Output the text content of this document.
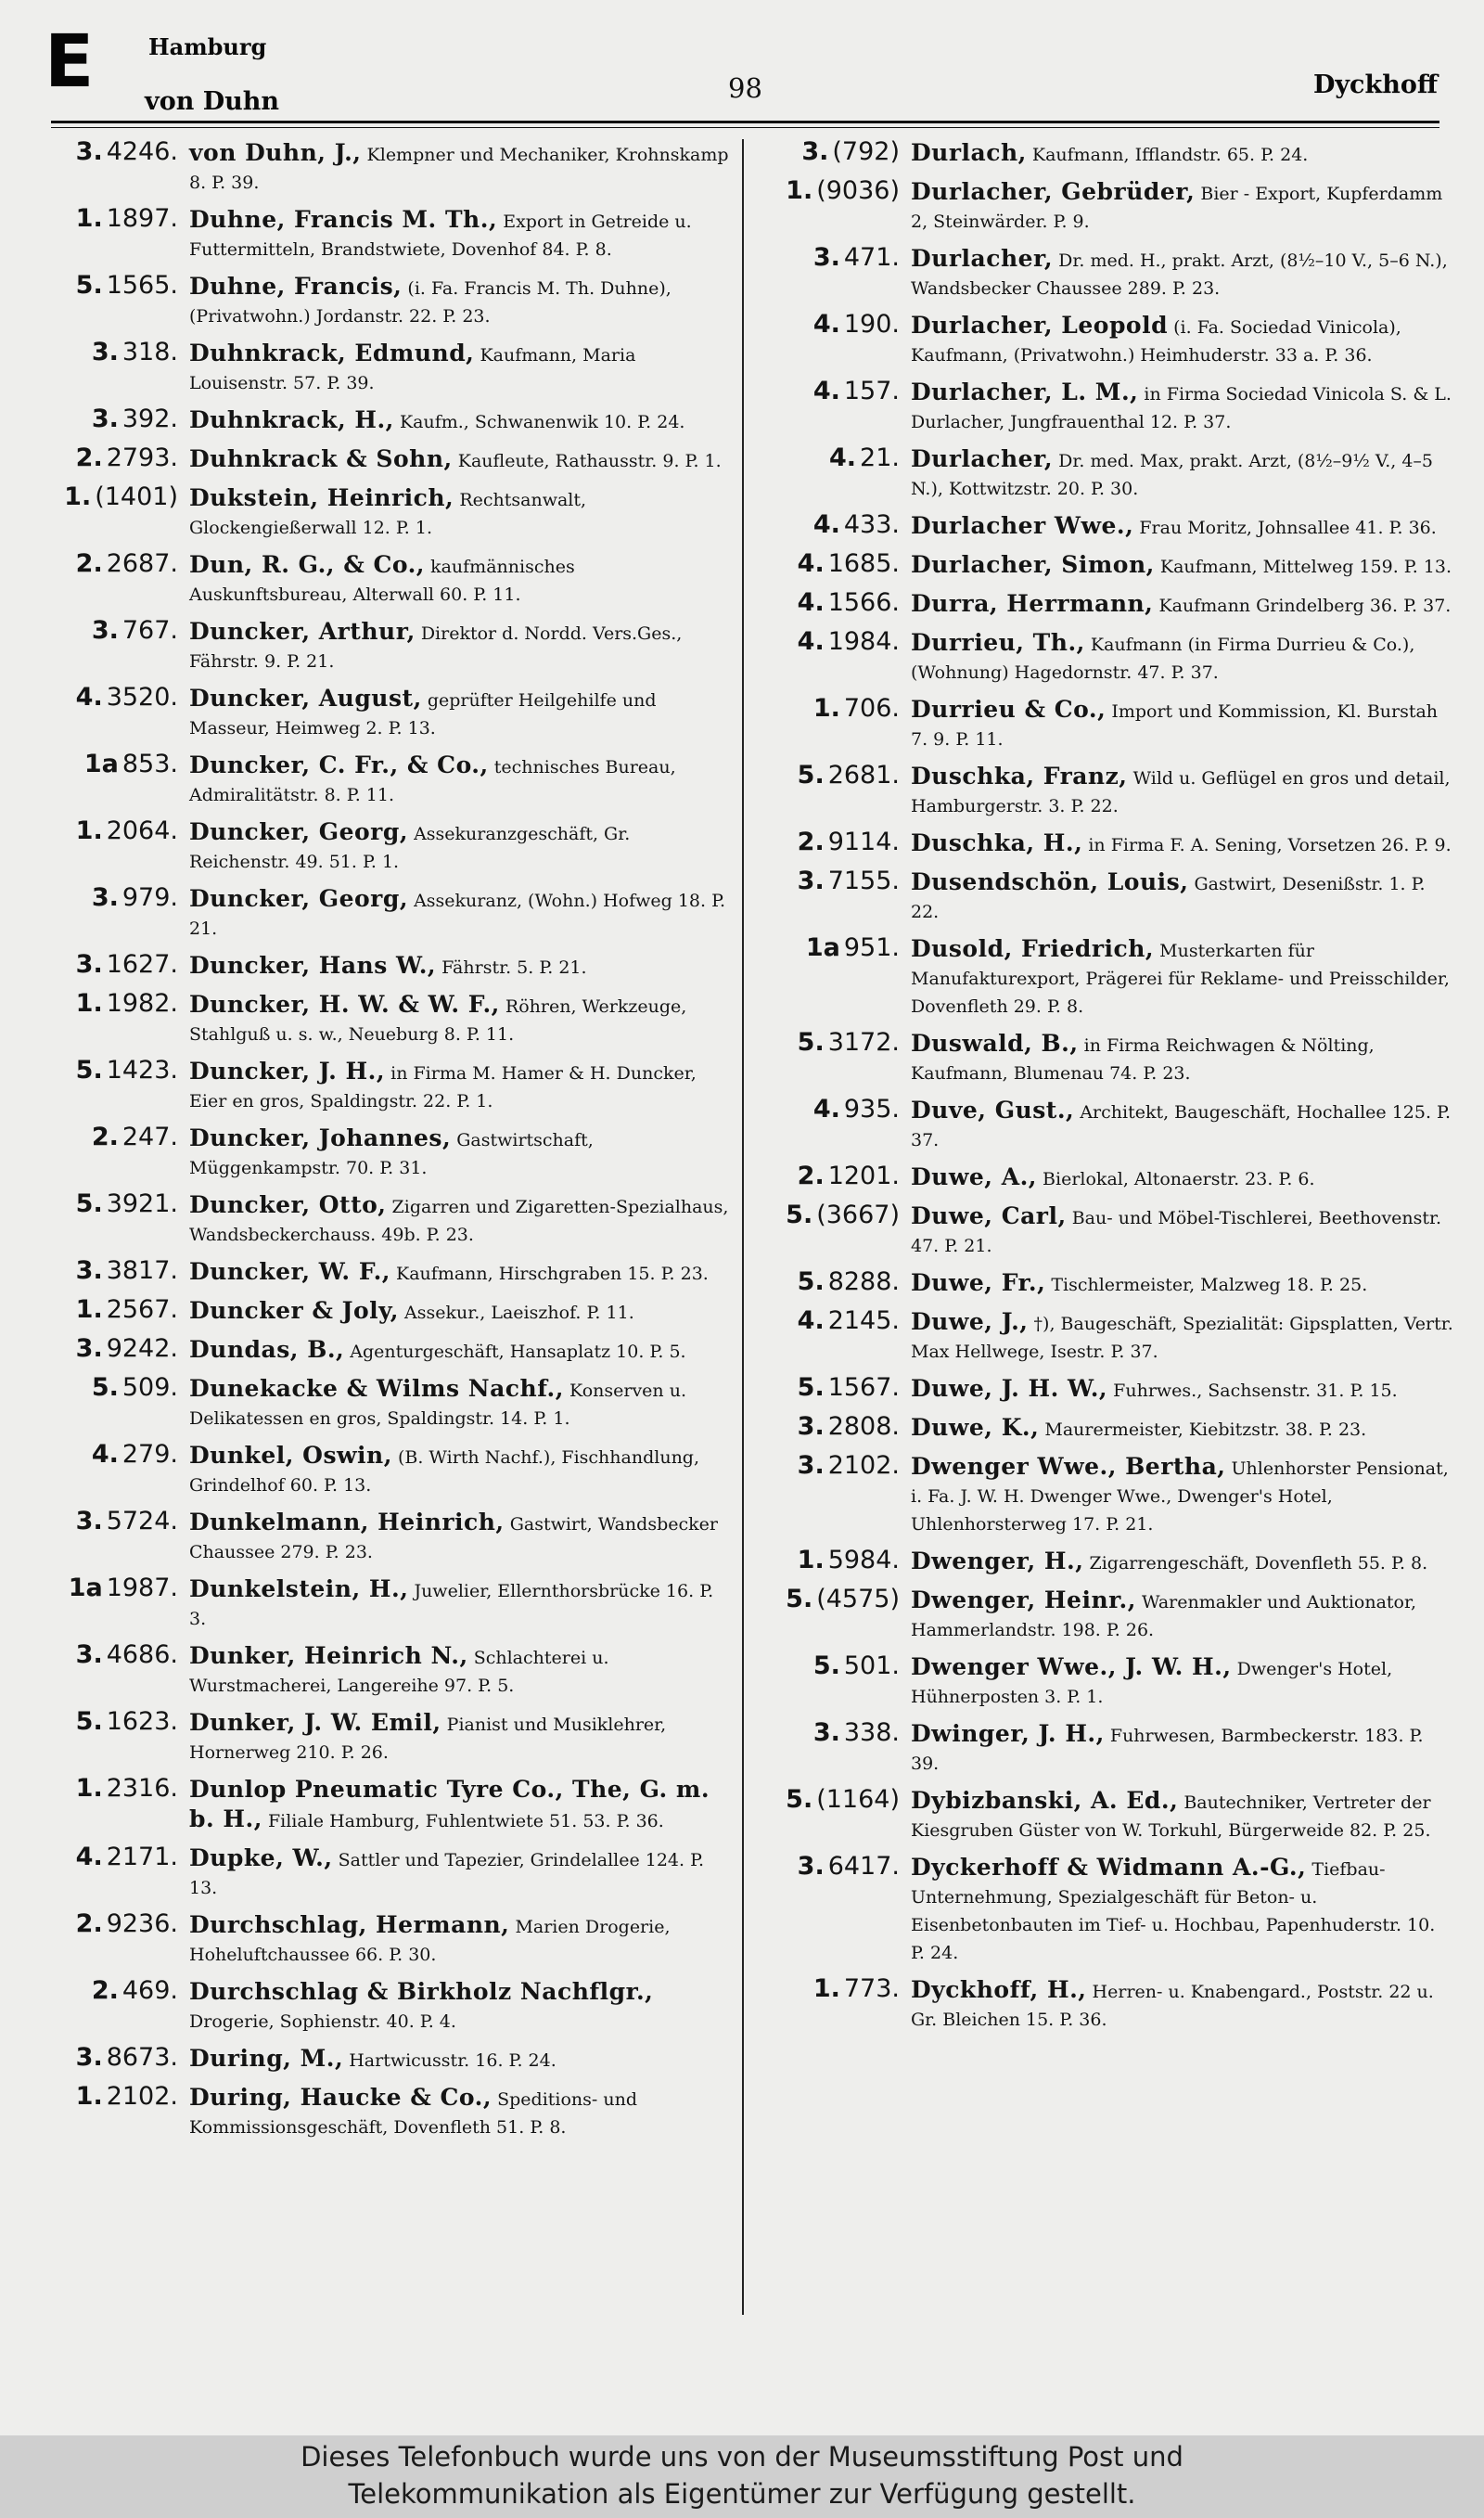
E Hamburg
von Duhn	98	Dyckhoff
3. 4246. von Duhn, J., Klempner und Mechaniker, Krohnskamp 8. P. 39.
1. 1897. Duhne, Francis M. Th., Export in Getreide u. Futtermitteln, Brandstwiete, Dovenhof 84. P. 8.
5. 1565. Duhne, Francis, (i. Fa. Francis M. Th. Duhne), (Privatwohn.) Jordanstr. 22. P. 23.
3. 318. Duhnkrack, Edmund, Kaufmann, Maria Louisenstr. 57. P. 39.
3. 392. Duhnkrack, H., Kaufm., Schwanenwik 10. P. 24.
2. 2793. Duhnkrack & Sohn, Kaufleute, Rathausstr. 9. P. 1.
1. (1401) Dukstein, Heinrich, Rechtsanwalt, Glockengießerwall 12. P. 1.
2. 2687. Dun, R. G., & Co., kaufmännisches Auskunftsbureau, Alterwall 60. P. 11.
3. 767. Duncker, Arthur, Direktor d. Nordd. Vers.Ges., Fährstr. 9. P. 21.
4. 3520. Duncker, August, geprüfter Heilgehilfe und Masseur, Heimweg 2. P. 13.
1a 853. Duncker, C. Fr., & Co., technisches Bureau, Admiralitätstr. 8. P. 11.
1. 2064. Duncker, Georg, Assekuranzgeschäft, Gr. Reichenstr. 49. 51. P. 1.
3. 979. Duncker, Georg, Assekuranz, (Wohn.) Hofweg 18. P. 21.
3. 1627. Duncker, Hans W., Fährstr. 5. P. 21.
1. 1982. Duncker, H. W. & W. F., Röhren, Werkzeuge, Stahlguß u. s. w., Neueburg 8. P. 11.
5. 1423. Duncker, J. H., in Firma M. Hamer & H. Duncker, Eier en gros, Spaldingstr. 22. P. 1.
2. 247. Duncker, Johannes, Gastwirtschaft, Müggenkampstr. 70. P. 31.
5. 3921. Duncker, Otto, Zigarren und Zigaretten-Spezialhaus, Wandsbeckerchauss. 49b. P. 23.
3. 3817. Duncker, W. F., Kaufmann, Hirschgraben 15. P. 23.
1. 2567. Duncker & Joly, Assekur., Laeiszhof. P. 11.
3. 9242. Dundas, B., Agenturgeschäft, Hansaplatz 10. P. 5.
5. 509. Dunekacke & Wilms Nachf., Konserven u. Delikatessen en gros, Spaldingstr. 14. P. 1.
4. 279. Dunkel, Oswin, (B. Wirth Nachf.), Fischhandlung, Grindelhof 60. P. 13.
3. 5724. Dunkelmann, Heinrich, Gastwirt, Wandsbecker Chaussee 279. P. 23.
1a 1987. Dunkelstein, H., Juwelier, Ellernthorsbrücke 16. P. 3.
3. 4686. Dunker, Heinrich N., Schlachterei u. Wurstmacherei, Langereihe 97. P. 5.
5. 1623. Dunker, J. W. Emil, Pianist und Musiklehrer, Hornerweg 210. P. 26.
1. 2316. Dunlop Pneumatic Tyre Co., The, G. m. b. H., Filiale Hamburg, Fuhlentwiete 51. 53. P. 36.
4. 2171. Dupke, W., Sattler und Tapezier, Grindelallee 124. P. 13.
2. 9236. Durchschlag, Hermann, Marien Drogerie, Hoheluftchaussee 66. P. 30.
2. 469. Durchschlag & Birkholz Nachflgr., Drogerie, Sophienstr. 40. P. 4.
3. 8673. During, M., Hartwicusstr. 16. P. 24.
1. 2102. During, Haucke & Co., Speditions- und Kommissionsgeschäft, Dovenfleth 51. P. 8.
3. (792) Durlach, Kaufmann, Ifflandstr. 65. P. 24.
1. (9036) Durlacher, Gebrüder, Bier - Export, Kupferdamm 2, Steinwärder. P. 9.
3. 471. Durlacher, Dr. med. H., prakt. Arzt, (8½–10 V., 5–6 N.), Wandsbecker Chaussee 289. P. 23.
4. 190. Durlacher, Leopold (i. Fa. Sociedad Vinicola), Kaufmann, (Privatwohn.) Heimhuderstr. 33 a. P. 36.
4. 157. Durlacher, L. M., in Firma Sociedad Vinicola S. & L. Durlacher, Jungfrauenthal 12. P. 37.
4. 21. Durlacher, Dr. med. Max, prakt. Arzt, (8½–9½ V., 4–5 N.), Kottwitzstr. 20. P. 30.
4. 433. Durlacher Wwe., Frau Moritz, Johnsallee 41. P. 36.
4. 1685. Durlacher, Simon, Kaufmann, Mittelweg 159. P. 13.
4. 1566. Durra, Herrmann, Kaufmann Grindelberg 36. P. 37.
4. 1984. Durrieu, Th., Kaufmann (in Firma Durrieu & Co.), (Wohnung) Hagedornstr. 47. P. 37.
1. 706. Durrieu & Co., Import und Kommission, Kl. Burstah 7. 9. P. 11.
5. 2681. Duschka, Franz, Wild u. Geflügel en gros und detail, Hamburgerstr. 3. P. 22.
2. 9114. Duschka, H., in Firma F. A. Sening, Vorsetzen 26. P. 9.
3. 7155. Dusendschön, Louis, Gastwirt, Desenißstr. 1. P. 22.
1a 951. Dusold, Friedrich, Musterkarten für Manufakturexport, Prägerei für Reklame- und Preisschilder, Dovenfleth 29. P. 8.
5. 3172. Duswald, B., in Firma Reichwagen & Nölting, Kaufmann, Blumenau 74. P. 23.
4. 935. Duve, Gust., Architekt, Baugeschäft, Hochallee 125. P. 37.
2. 1201. Duwe, A., Bierlokal, Altonaerstr. 23. P. 6.
5. (3667) Duwe, Carl, Bau- und Möbel-Tischlerei, Beethovenstr. 47. P. 21.
5. 8288. Duwe, Fr., Tischlermeister, Malzweg 18. P. 25.
4. 2145. Duwe, J., †), Baugeschäft, Spezialität: Gipsplatten, Vertr. Max Hellwege, Isestr. P. 37.
5. 1567. Duwe, J. H. W., Fuhrwes., Sachsenstr. 31. P. 15.
3. 2808. Duwe, K., Maurermeister, Kiebitzstr. 38. P. 23.
3. 2102. Dwenger Wwe., Bertha, Uhlenhorster Pensionat, i. Fa. J. W. H. Dwenger Wwe., Dwenger's Hotel, Uhlenhorsterweg 17. P. 21.
1. 5984. Dwenger, H., Zigarrengeschäft, Dovenfleth 55. P. 8.
5. (4575) Dwenger, Heinr., Warenmakler und Auktionator, Hammerlandstr. 198. P. 26.
5. 501. Dwenger Wwe., J. W. H., Dwenger's Hotel, Hühnerposten 3. P. 1.
3. 338. Dwinger, J. H., Fuhrwesen, Barmbeckerstr. 183. P. 39.
5. (1164) Dybizbanski, A. Ed., Bautechniker, Vertreter der Kiesgruben Güster von W. Torkuhl, Bürgerweide 82. P. 25.
3. 6417. Dyckerhoff & Widmann A.-G., Tiefbau-Unternehmung, Spezialgeschäft für Beton- u. Eisenbetonbauten im Tief- u. Hochbau, Papenhuderstr. 10. P. 24.
1. 773. Dyckhoff, H., Herren- u. Knabengard., Poststr. 22 u. Gr. Bleichen 15. P. 36.
Dieses Telefonbuch wurde uns von der Museumsstiftung Post und
Telekommunikation als Eigentümer zur Verfügung gestellt.
